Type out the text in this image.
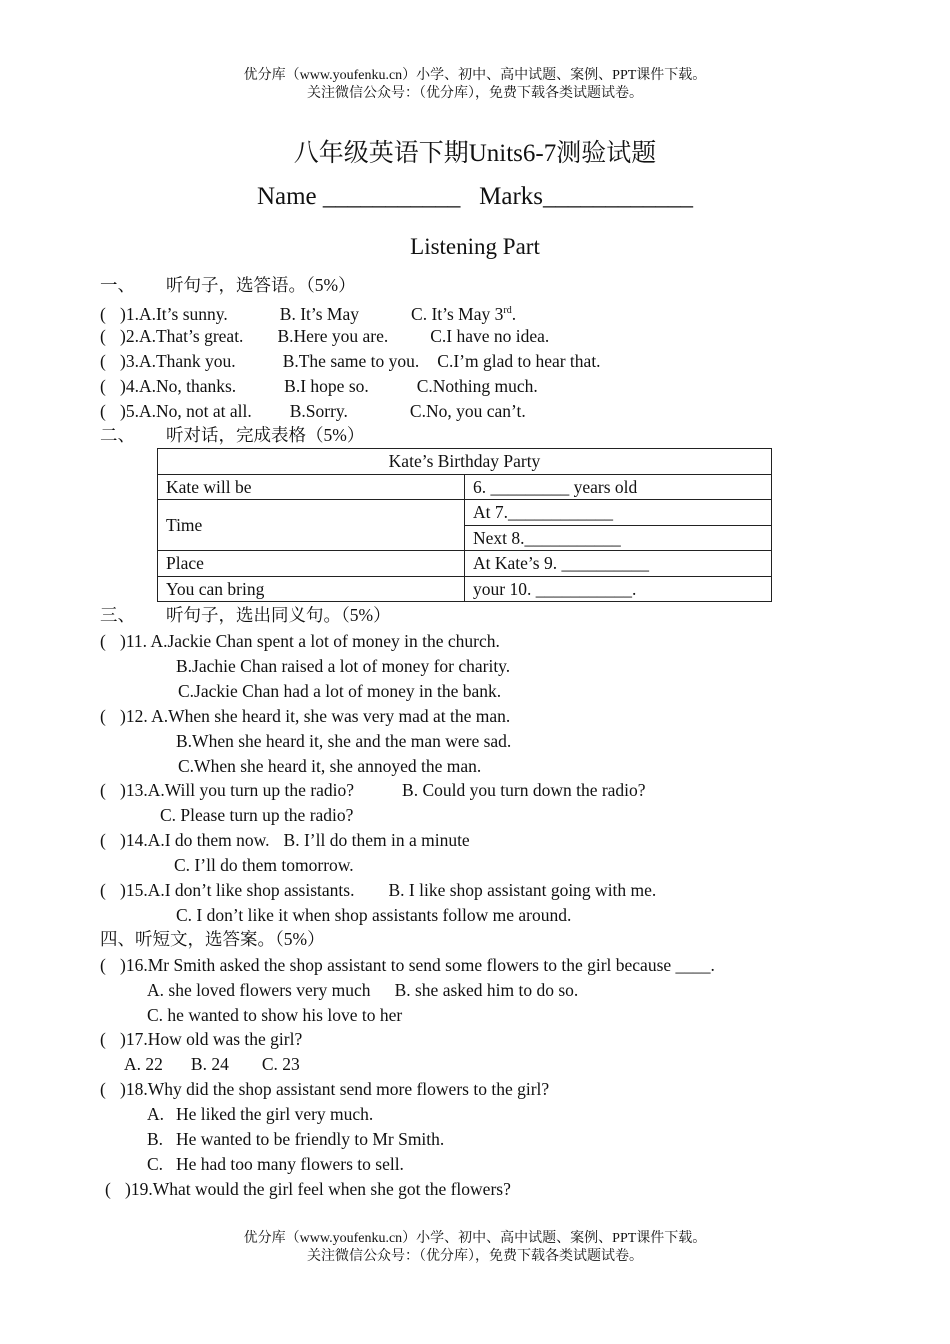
优分库（www.youfenku.cn）小学、初中、高中试题、案例、PPT课件下载。
关注微信公众号：（优分库），免费下载各类试题试卷。
八年级英语下期Units6-7测验试题
Name ___________ Marks____________
Listening Part
一、 听句子，选答语。（5%）
( )1.A.It’s sunny.	B. It’s May	C. It’s May 3rd.
( )2.A.That’s great. B.Here you are. C.I have no idea.
( )3.A.Thank you.	B.The same to you. C.I’m glad to hear that.
( )4.A.No, thanks.	B.I hope so.	C.Nothing much.
( )5.A.No, not at all. B.Sorry.	C.No, you can’t.
二、 听对话，完成表格（5%）
Kate’s Birthday Party	
Kate will be	6. _________ years old
Time	At 7.____________
	Next 8.___________
Place	At Kate’s 9. __________
You can bring	your 10. ___________.
三、 听句子，选出同义句。（5%）
( )11. A.Jackie Chan spent a lot of money in the church.
B.Jachie Chan raised a lot of money for charity.
C.Jackie Chan had a lot of money in the bank.
( )12. A.When she heard it, she was very mad at the man.
B.When she heard it, she and the man were sad.
C.When she heard it, she annoyed the man.
( )13.A.Will you turn up the radio?	B. Could you turn down the radio?
C. Please turn up the radio?
( )14.A.I do them now. B. I’ll do them in a minute
C. I’ll do them tomorrow.
( )15.A.I don’t like shop assistants. B. I like shop assistant going with me.
C. I don’t like it when shop assistants follow me around.
四、听短文，选答案。（5%）
( )16.Mr Smith asked the shop assistant to send some flowers to the girl because ____.
A. she loved flowers very much B. she asked him to do so.
C. he wanted to show his love to her
( )17.How old was the girl?
A. 22 B. 24 C. 23
( )18.Why did the shop assistant send more flowers to the girl?
A. He liked the girl very much.
B. He wanted to be friendly to Mr Smith.
C. He had too many flowers to sell.
( )19.What would the girl feel when she got the flowers?
优分库（www.youfenku.cn）小学、初中、高中试题、案例、PPT课件下载。
关注微信公众号：（优分库），免费下载各类试题试卷。
